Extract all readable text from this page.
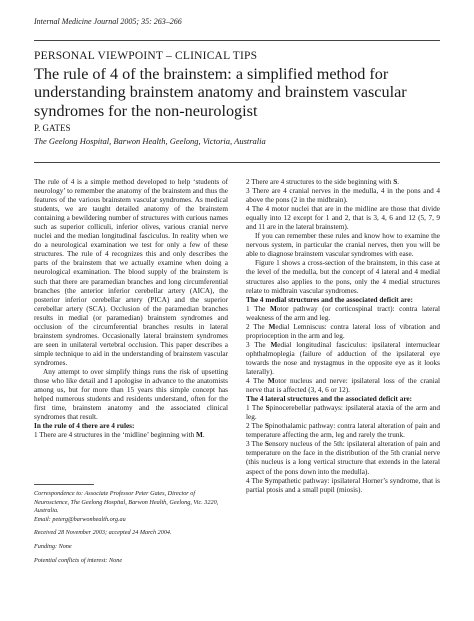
Internal Medicine Journal 2005; 35: 263–266
PERSONAL VIEWPOINT – CLINICAL TIPS
The rule of 4 of the brainstem: a simplified method for understanding brainstem anatomy and brainstem vascular syndromes for the non-neurologist
P. GATES
The Geelong Hospital, Barwon Health, Geelong, Victoria, Australia

The rule of 4 is a simple method developed to help ‘students of neurology’ to remember the anatomy of the brainstem and thus the features of the various brainstem vascular syndromes. As medical students, we are taught detailed anatomy of the brainstem containing a bewildering number of structures with curious names such as superior colliculi, inferior olives, various cranial nerve nuclei and the median longitudinal fasciculus. In reality when we do a neurological examination we test for only a few of these structures. The rule of 4 recognizes this and only describes the parts of the brainstem that we actually examine when doing a neurological examination. The blood supply of the brainstem is such that there are paramedian branches and long circumferential branches (the anterior inferior cerebellar artery (AICA), the posterior inferior cerebellar artery (PICA) and the superior cerebellar artery (SCA). Occlusion of the paramedian branches results in medial (or paramedian) brainstem syndromes and occlusion of the circumferential branches results in lateral brainstem syndromes. Occasionally lateral brainstem syndromes are seen in unilateral vertebral occlusion. This paper describes a simple technique to aid in the understanding of brainstem vascular syndromes.

Any attempt to over simplify things runs the risk of upsetting those who like detail and I apologise in advance to the anatomists among us, but for more than 15 years this simple concept has helped numerous students and residents understand, often for the first time, brainstem anatomy and the associated clinical syndromes that result.

In the rule of 4 there are 4 rules:

1 There are 4 structures in the ‘midline’ beginning with M.

Correspondence to: Associate Professor Peter Gates, Director of Neuroscience, The Geelong Hospital, Barwon Health, Geelong, Vic. 3220, Australia.
Email: peterg@barwonhealth.org.au
Received 28 November 2003; accepted 24 March 2004.
Funding: None
Potential conflicts of interest: None

2 There are 4 structures to the side beginning with S.

3 There are 4 cranial nerves in the medulla, 4 in the pons and 4 above the pons (2 in the midbrain).

4 The 4 motor nuclei that are in the midline are those that divide equally into 12 except for 1 and 2, that is 3, 4, 6 and 12 (5, 7, 9 and 11 are in the lateral brainstem).

If you can remember these rules and know how to examine the nervous system, in particular the cranial nerves, then you will be able to diagnose brainstem vascular syndromes with ease.

Figure 1 shows a cross-section of the brainstem, in this case at the level of the medulla, but the concept of 4 lateral and 4 medial structures also applies to the pons, only the 4 medial structures relate to midbrain vascular syndromes.

The 4 medial structures and the associated deficit are:

1 The Motor pathway (or corticospinal tract): contra lateral weakness of the arm and leg.

2 The Medial Lemniscus: contra lateral loss of vibration and proprioception in the arm and leg.

3 The Medial longitudinal fasciculus: ipsilateral internuclear ophthalmoplegia (failure of adduction of the ipsilateral eye towards the nose and nystagmus in the opposite eye as it looks laterally).

4 The Motor nucleus and nerve: ipsilateral loss of the cranial nerve that is affected (3, 4, 6 or 12).

The 4 lateral structures and the associated deficit are:

1 The Spinocerebellar pathways: ipsilateral ataxia of the arm and leg.

2 The Spinothalamic pathway: contra lateral alteration of pain and temperature affecting the arm, leg and rarely the trunk.

3 The Sensory nucleus of the 5th: ipsilateral alteration of pain and temperature on the face in the distribution of the 5th cranial nerve (this nucleus is a long vertical structure that extends in the lateral aspect of the pons down into the medulla).

4 The Sympathetic pathway: ipsilateral Horner’s syndrome, that is partial ptosis and a small pupil (miosis).
